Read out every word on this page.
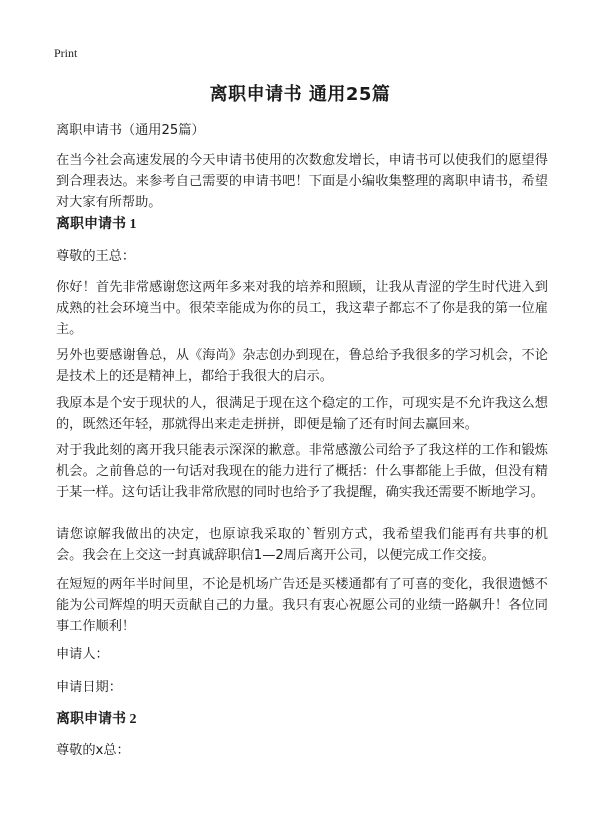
Print
离职申请书 通用25篇
离职申请书（通用25篇）
在当今社会高速发展的今天申请书使用的次数愈发增长，申请书可以使我们的愿望得到合理表达。来参考自己需要的申请书吧！下面是小编收集整理的离职申请书，希望对大家有所帮助。
离职申请书 1
尊敬的王总：
你好！首先非常感谢您这两年多来对我的培养和照顾，让我从青涩的学生时代进入到成熟的社会环境当中。很荣幸能成为你的员工，我这辈子都忘不了你是我的第一位雇主。
另外也要感谢鲁总，从《海尚》杂志创办到现在，鲁总给予我很多的学习机会，不论是技术上的还是精神上，都给于我很大的启示。
我原本是个安于现状的人，很满足于现在这个稳定的工作，可现实是不允许我这么想的，既然还年轻，那就得出来走走拼拼，即便是输了还有时间去赢回来。
对于我此刻的离开我只能表示深深的歉意。非常感激公司给予了我这样的工作和锻炼机会。之前鲁总的一句话对我现在的能力进行了概括：什么事都能上手做，但没有精于某一样。这句话让我非常欣慰的同时也给予了我提醒，确实我还需要不断地学习。
请您谅解我做出的决定，也原谅我采取的`暂别方式，我希望我们能再有共事的机会。我会在上交这一封真诚辞职信1—2周后离开公司，以便完成工作交接。
在短短的两年半时间里，不论是机场广告还是买楼通都有了可喜的变化，我很遗憾不能为公司辉煌的明天贡献自己的力量。我只有衷心祝愿公司的业绩一路飙升！各位同事工作顺利！
申请人：
申请日期：
离职申请书 2
尊敬的x总：
